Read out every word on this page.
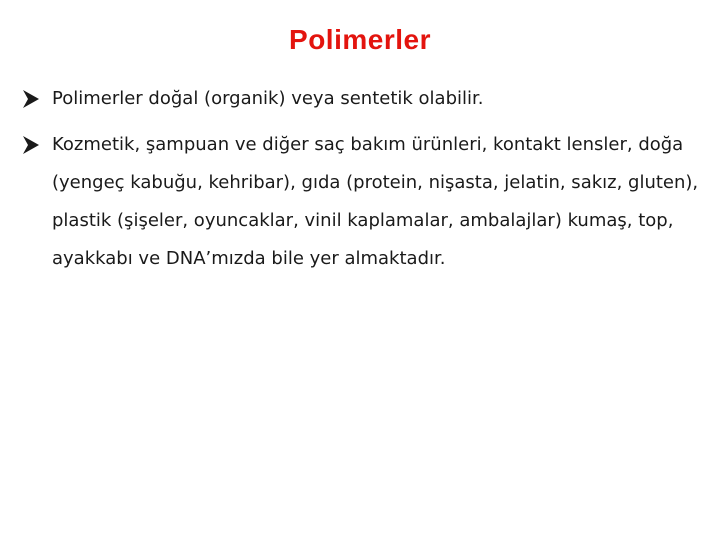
Polimerler
Polimerler doğal (organik) veya sentetik olabilir.
Kozmetik, şampuan ve diğer saç bakım ürünleri, kontakt lensler, doğa (yengeç kabuğu, kehribar), gıda (protein, nişasta, jelatin, sakız, gluten), plastik (şişeler, oyuncaklar, vinil kaplamalar, ambalajlar) kumaş, top, ayakkabı ve DNA’mızda bile yer almaktadır.
